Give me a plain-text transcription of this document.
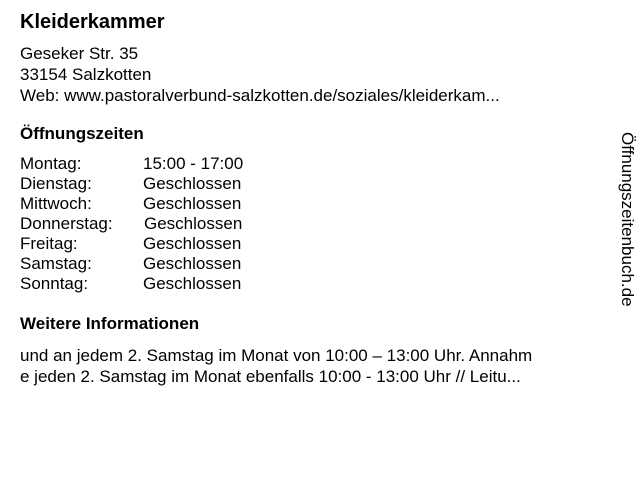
Kleiderkammer
Geseker Str. 35
33154 Salzkotten
Web: www.pastoralverbund-salzkotten.de/soziales/kleiderkam...
Öffnungszeiten
Montag:	15:00 - 17:00
Dienstag:	Geschlossen
Mittwoch:	Geschlossen
Donnerstag: Geschlossen
Freitag:	Geschlossen
Samstag:	Geschlossen
Sonntag:	Geschlossen
Weitere Informationen
und an jedem 2. Samstag im Monat von 10:00 – 13:00 Uhr. Annahm
e jeden 2. Samstag im Monat ebenfalls 10:00 - 13:00 Uhr // Leitu...
Öffnungszeitenbuch.de
